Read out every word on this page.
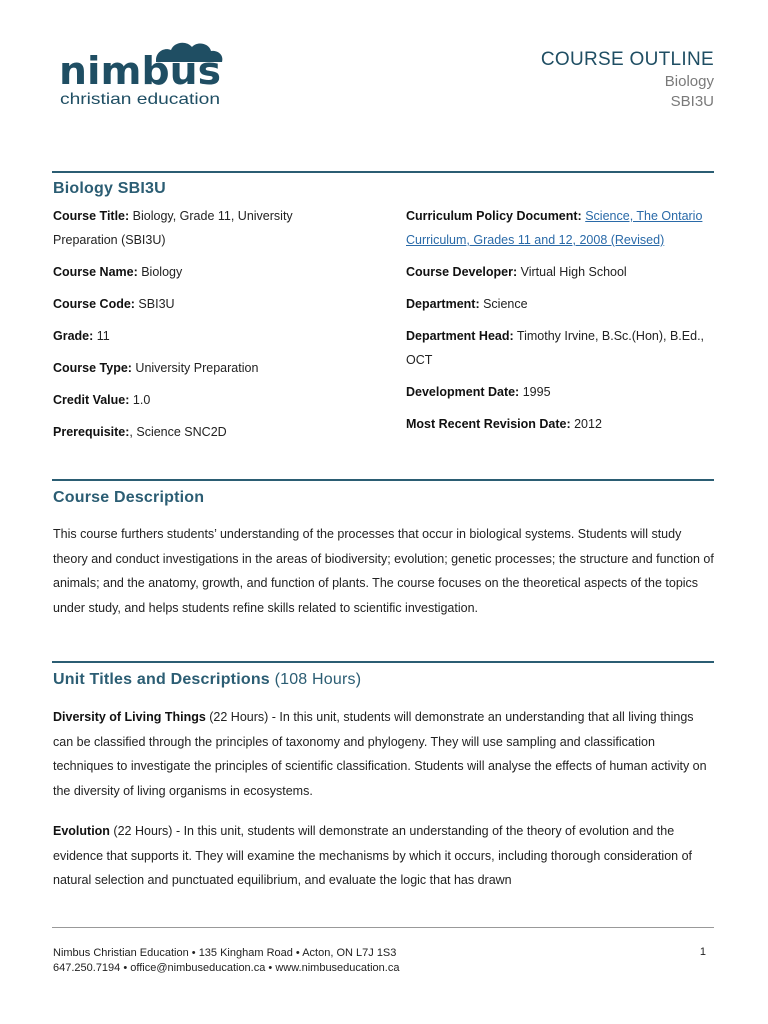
nimbus
christian education
COURSE OUTLINE
Biology
SBI3U
Biology SBI3U
Course Title: Biology, Grade 11, University Preparation (SBI3U)
Course Name: Biology
Course Code: SBI3U
Grade: 11
Course Type: University Preparation
Credit Value: 1.0
Prerequisite:, Science SNC2D
Curriculum Policy Document: Science, The Ontario Curriculum, Grades 11 and 12, 2008 (Revised)
Course Developer: Virtual High School
Department: Science
Department Head: Timothy Irvine, B.Sc.(Hon), B.Ed., OCT
Development Date: 1995
Most Recent Revision Date: 2012
Course Description
This course furthers students’ understanding of the processes that occur in biological systems. Students will study theory and conduct investigations in the areas of biodiversity; evolution; genetic processes; the structure and function of animals; and the anatomy, growth, and function of plants. The course focuses on the theoretical aspects of the topics under study, and helps students refine skills related to scientific investigation.
Unit Titles and Descriptions (108 Hours)
Diversity of Living Things (22 Hours) - In this unit, students will demonstrate an understanding that all living things can be classified through the principles of taxonomy and phylogeny. They will use sampling and classification techniques to investigate the principles of scientific classification. Students will analyse the effects of human activity on the diversity of living organisms in ecosystems.
Evolution (22 Hours) - In this unit, students will demonstrate an understanding of the theory of evolution and the evidence that supports it. They will examine the mechanisms by which it occurs, including thorough consideration of natural selection and punctuated equilibrium, and evaluate the logic that has drawn
Nimbus Christian Education • 135 Kingham Road • Acton, ON L7J 1S3
647.250.7194 • office@nimbuseducation.ca • www.nimbuseducation.ca
1
